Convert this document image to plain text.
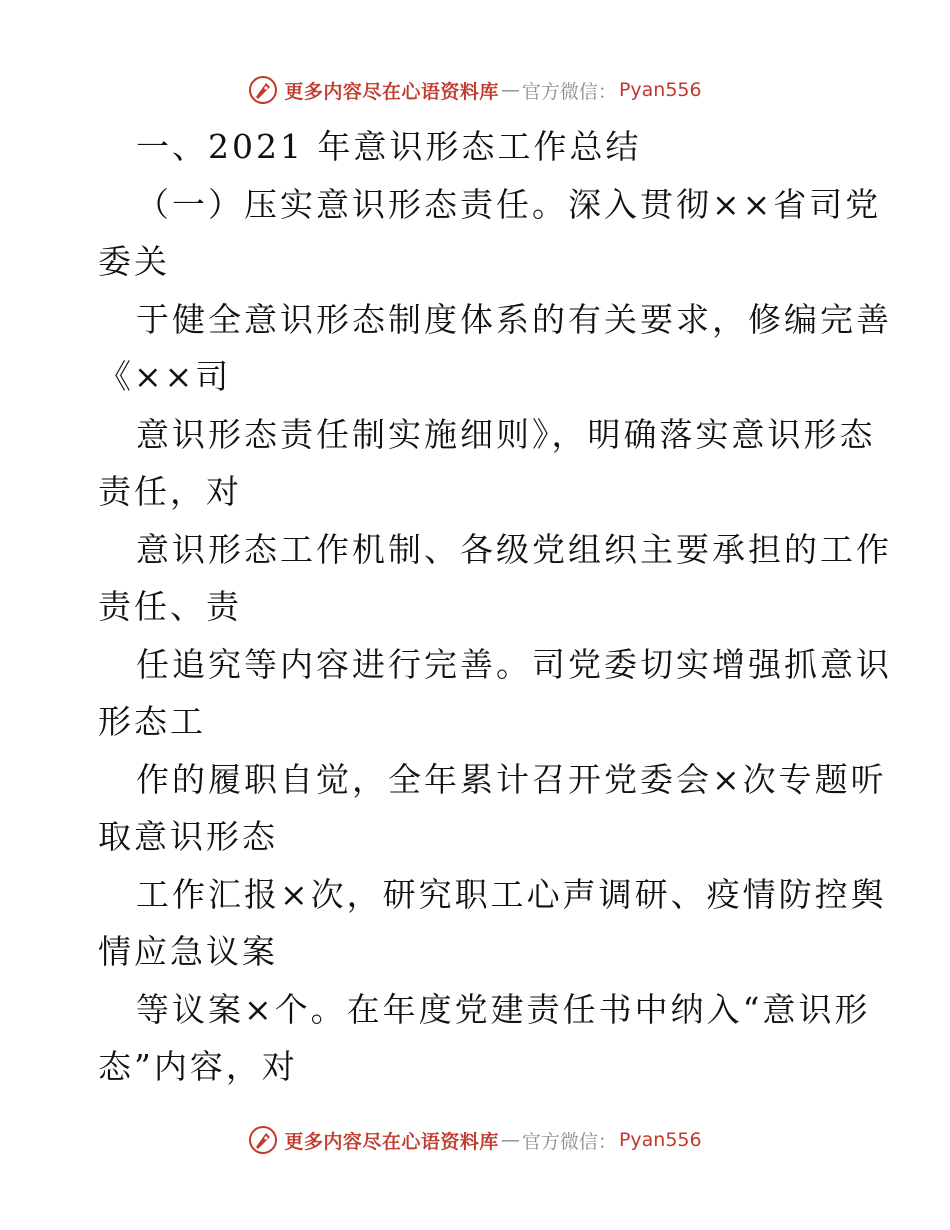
更多内容尽在心语资料库 — 官方微信： Pyan556
一、2021 年意识形态工作总结
（一）压实意识形态责任。深入贯彻××省司党
委关
于健全意识形态制度体系的有关要求，修编完善
《××司
意识形态责任制实施细则》，明确落实意识形态
责任，对
意识形态工作机制、各级党组织主要承担的工作
责任、责
任追究等内容进行完善。司党委切实增强抓意识
形态工
作的履职自觉，全年累计召开党委会×次专题听
取意识形态
工作汇报×次，研究职工心声调研、疫情防控舆
情应急议案
等议案×个。在年度党建责任书中纳入“意识形
态”内容，对
更多内容尽在心语资料库 — 官方微信： Pyan556
